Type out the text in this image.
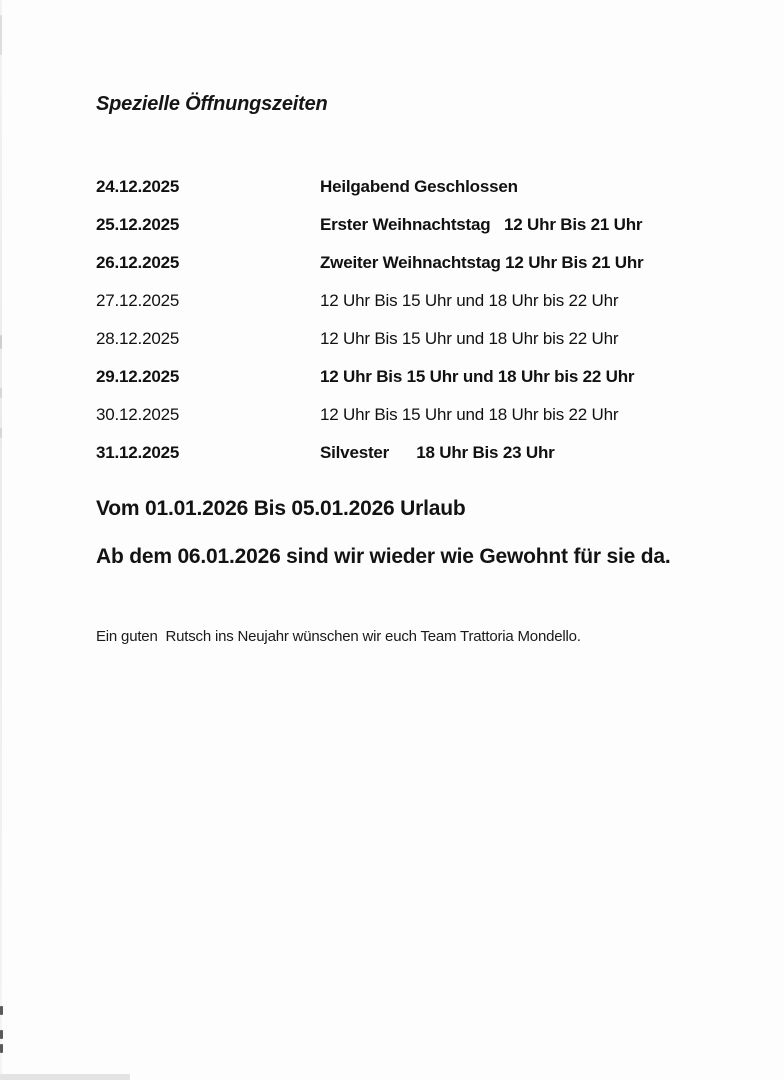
Spezielle Öffnungszeiten
24.12.2025	Heilgabend Geschlossen
25.12.2025	Erster Weihnachtstag   12 Uhr Bis 21 Uhr
26.12.2025	Zweiter Weihnachtstag 12 Uhr Bis 21 Uhr
27.12.2025	12 Uhr Bis 15 Uhr und 18 Uhr bis 22 Uhr
28.12.2025	12 Uhr Bis 15 Uhr und 18 Uhr bis 22 Uhr
29.12.2025	12 Uhr Bis 15 Uhr und 18 Uhr bis 22 Uhr
30.12.2025	12 Uhr Bis 15 Uhr und 18 Uhr bis 22 Uhr
31.12.2025	Silvester      18 Uhr Bis 23 Uhr
Vom 01.01.2026 Bis 05.01.2026 Urlaub
Ab dem 06.01.2026 sind wir wieder wie Gewohnt für sie da.
Ein guten  Rutsch ins Neujahr wünschen wir euch Team Trattoria Mondello.
